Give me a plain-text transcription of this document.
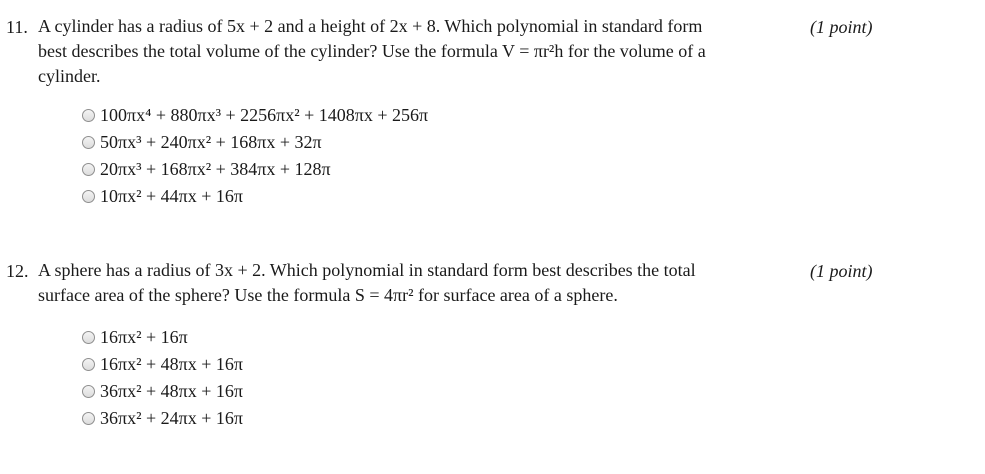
11. A cylinder has a radius of 5x + 2 and a height of 2x + 8. Which polynomial in standard form
best describes the total volume of the cylinder? Use the formula V = πr²h for the volume of a
cylinder.
(1 point)
100πx⁴ + 880πx³ + 2256πx² + 1408πx + 256π
50πx³ + 240πx² + 168πx + 32π
20πx³ + 168πx² + 384πx + 128π
10πx² + 44πx + 16π
12. A sphere has a radius of 3x + 2. Which polynomial in standard form best describes the total
surface area of the sphere? Use the formula S = 4πr² for surface area of a sphere.
(1 point)
16πx² + 16π
16πx² + 48πx + 16π
36πx² + 48πx + 16π
36πx² + 24πx + 16π
